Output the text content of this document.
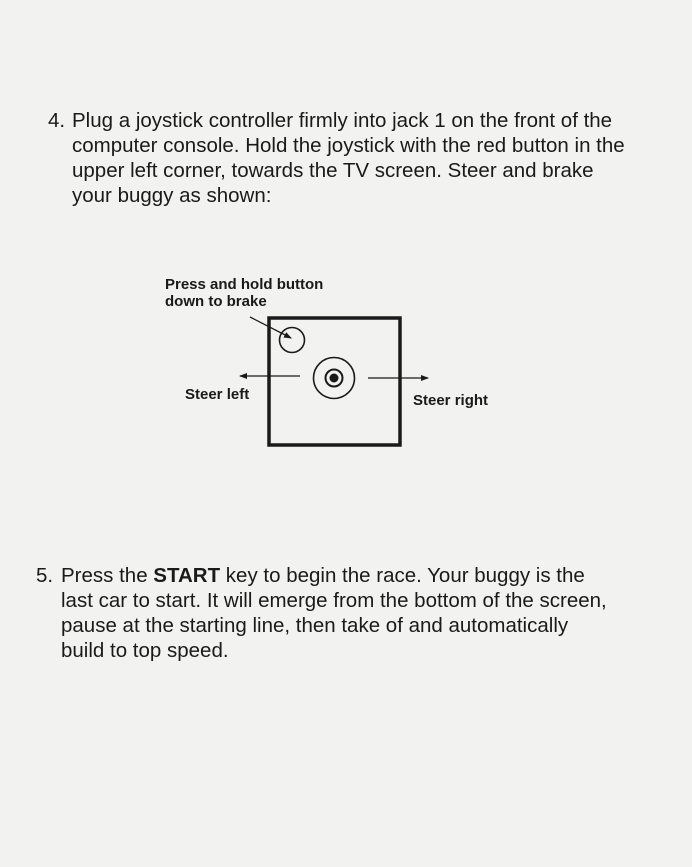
4. Plug a joystick controller firmly into jack 1 on the front of the
computer console. Hold the joystick with the red button in the
upper left corner, towards the TV screen. Steer and brake
your buggy as shown:
Press and hold button
down to brake
Steer left	Steer right
5. Press the START key to begin the race. Your buggy is the
last car to start. It will emerge from the bottom of the screen,
pause at the starting line, then take of and automatically
build to top speed.
